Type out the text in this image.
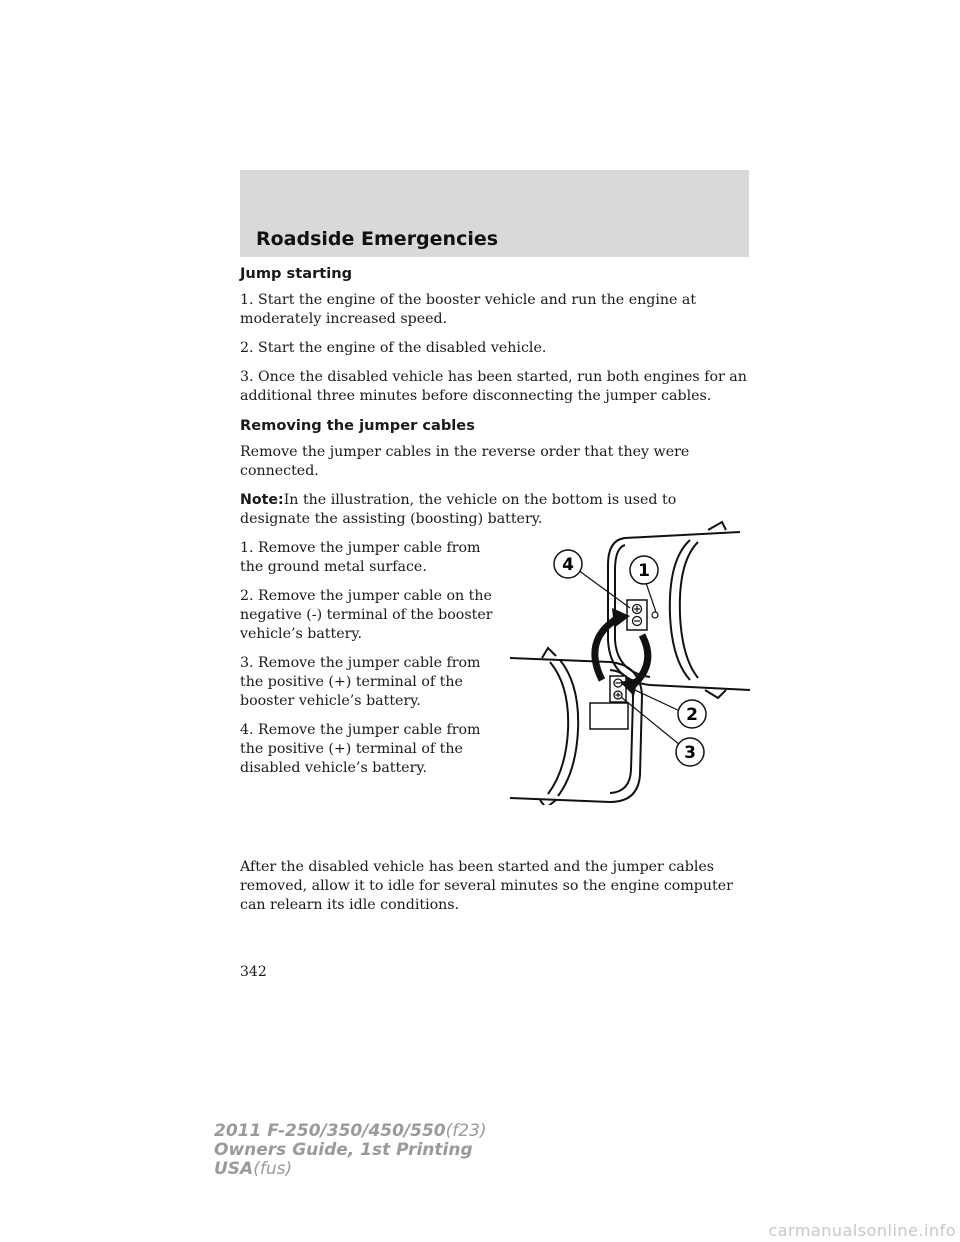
Roadside Emergencies
Jump starting

1. Start the engine of the booster vehicle and run the engine at moderately increased speed.

2. Start the engine of the disabled vehicle.

3. Once the disabled vehicle has been started, run both engines for an additional three minutes before disconnecting the jumper cables.

Removing the jumper cables

Remove the jumper cables in the reverse order that they were connected.

Note:In the illustration, the vehicle on the bottom is used to designate the assisting (boosting) battery.

1. Remove the jumper cable from the ground metal surface.

2. Remove the jumper cable on the negative (-) terminal of the booster vehicle’s battery.

3. Remove the jumper cable from the positive (+) terminal of the booster vehicle’s battery.

4. Remove the jumper cable from the positive (+) terminal of the disabled vehicle’s battery.

4	1
2
3

After the disabled vehicle has been started and the jumper cables removed, allow it to idle for several minutes so the engine computer can relearn its idle conditions.

342
2011 F-250/350/450/550(f23)
Owners Guide, 1st Printing
USA(fus)
carmanualsonline.info
